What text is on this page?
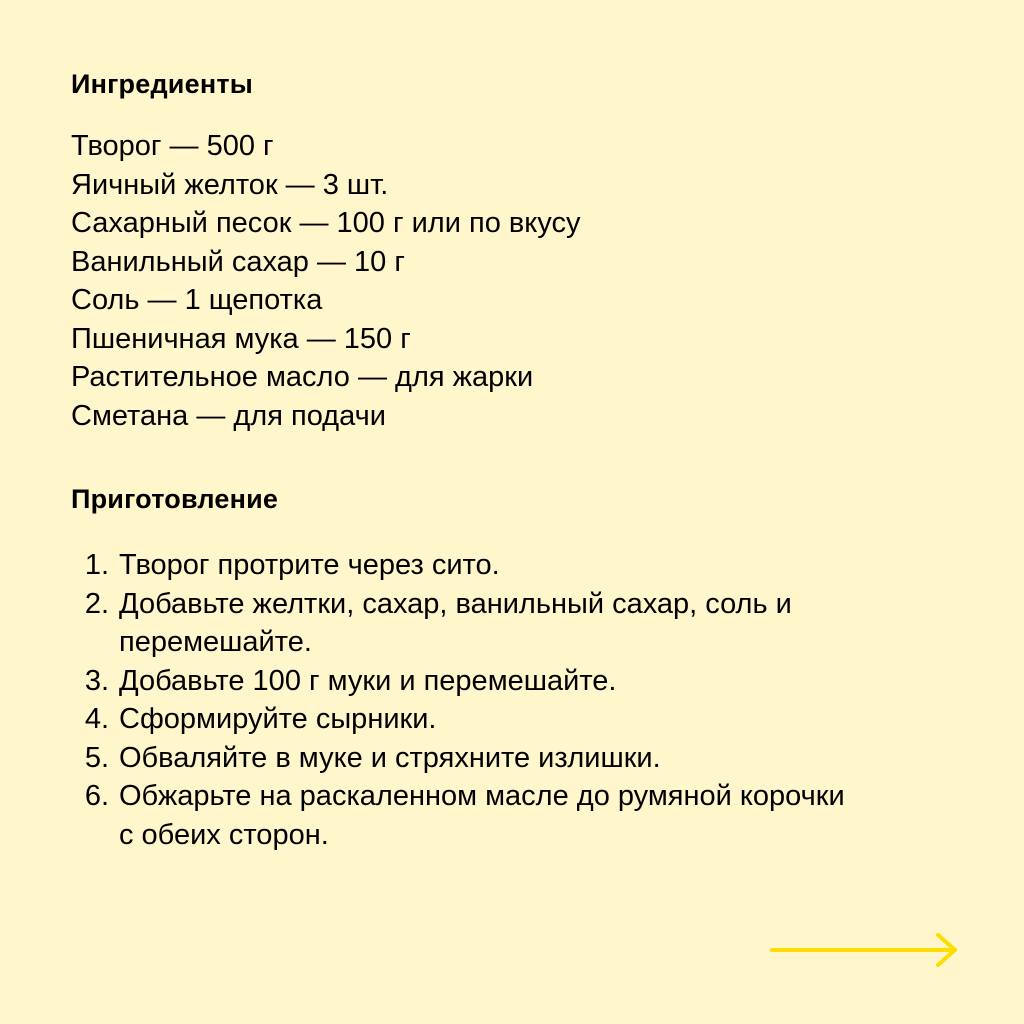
Ингредиенты
Творог — 500 г
Яичный желток — 3 шт.
Сахарный песок — 100 г или по вкусу
Ванильный сахар — 10 г
Соль — 1 щепотка
Пшеничная мука — 150 г
Растительное масло — для жарки
Сметана — для подачи
Приготовление
1. Творог протрите через сито.
2. Добавьте желтки, сахар, ванильный сахар, соль и перемешайте.
3. Добавьте 100 г муки и перемешайте.
4. Сформируйте сырники.
5. Обваляйте в муке и стряхните излишки.
6. Обжарьте на раскаленном масле до румяной корочки с обеих сторон.
